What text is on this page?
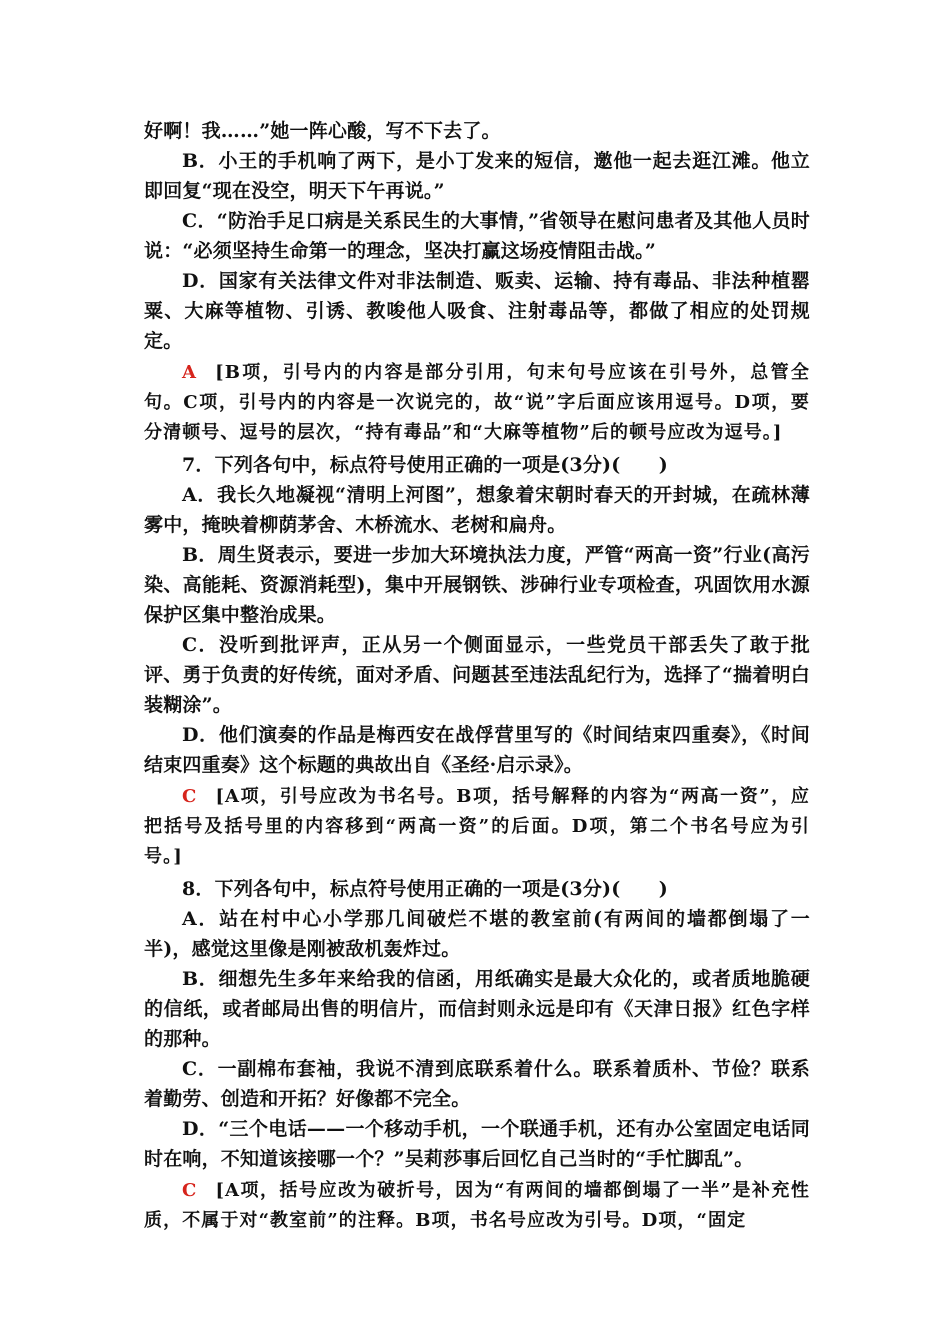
好啊！我……”她一阵心酸，写不下去了。

B．小王的手机响了两下，是小丁发来的短信，邀他一起去逛江滩。他立即回复“现在没空，明天下午再说。”

C．“防治手足口病是关系民生的大事情，”省领导在慰问患者及其他人员时说：“必须坚持生命第一的理念，坚决打赢这场疫情阻击战。”

D．国家有关法律文件对非法制造、贩卖、运输、持有毒品、非法种植罂粟、大麻等植物、引诱、教唆他人吸食、注射毒品等，都做了相应的处罚规定。

A [B项，引号内的内容是部分引用，句末句号应该在引号外，总管全句。C项，引号内的内容是一次说完的，故“说”字后面应该用逗号。D项，要分清顿号、逗号的层次，“持有毒品”和“大麻等植物”后的顿号应改为逗号。]

7．下列各句中，标点符号使用正确的一项是(3分)(　　)

A．我长久地凝视“清明上河图”，想象着宋朝时春天的开封城，在疏林薄雾中，掩映着柳荫茅舍、木桥流水、老树和扁舟。

B．周生贤表示，要进一步加大环境执法力度，严管“两高一资”行业(高污染、高能耗、资源消耗型)，集中开展钢铁、涉砷行业专项检查，巩固饮用水源保护区集中整治成果。

C．没听到批评声，正从另一个侧面显示，一些党员干部丢失了敢于批评、勇于负责的好传统，面对矛盾、问题甚至违法乱纪行为，选择了“揣着明白装糊涂”。

D．他们演奏的作品是梅西安在战俘营里写的《时间结束四重奏》，《时间结束四重奏》这个标题的典故出自《圣经·启示录》。

C [A项，引号应改为书名号。B项，括号解释的内容为“两高一资”，应把括号及括号里的内容移到“两高一资”的后面。D项，第二个书名号应为引号。]

8．下列各句中，标点符号使用正确的一项是(3分)(　　)

A．站在村中心小学那几间破烂不堪的教室前(有两间的墙都倒塌了一半)，感觉这里像是刚被敌机轰炸过。

B．细想先生多年来给我的信函，用纸确实是最大众化的，或者质地脆硬的信纸，或者邮局出售的明信片，而信封则永远是印有《天津日报》红色字样的那种。

C．一副棉布套袖，我说不清到底联系着什么。联系着质朴、节俭？联系着勤劳、创造和开拓？好像都不完全。

D．“三个电话——一个移动手机，一个联通手机，还有办公室固定电话同时在响，不知道该接哪一个？”吴莉莎事后回忆自己当时的“手忙脚乱”。

C [A项，括号应改为破折号，因为“有两间的墙都倒塌了一半”是补充性质，不属于对“教室前”的注释。B项，书名号应改为引号。D项，“固定
